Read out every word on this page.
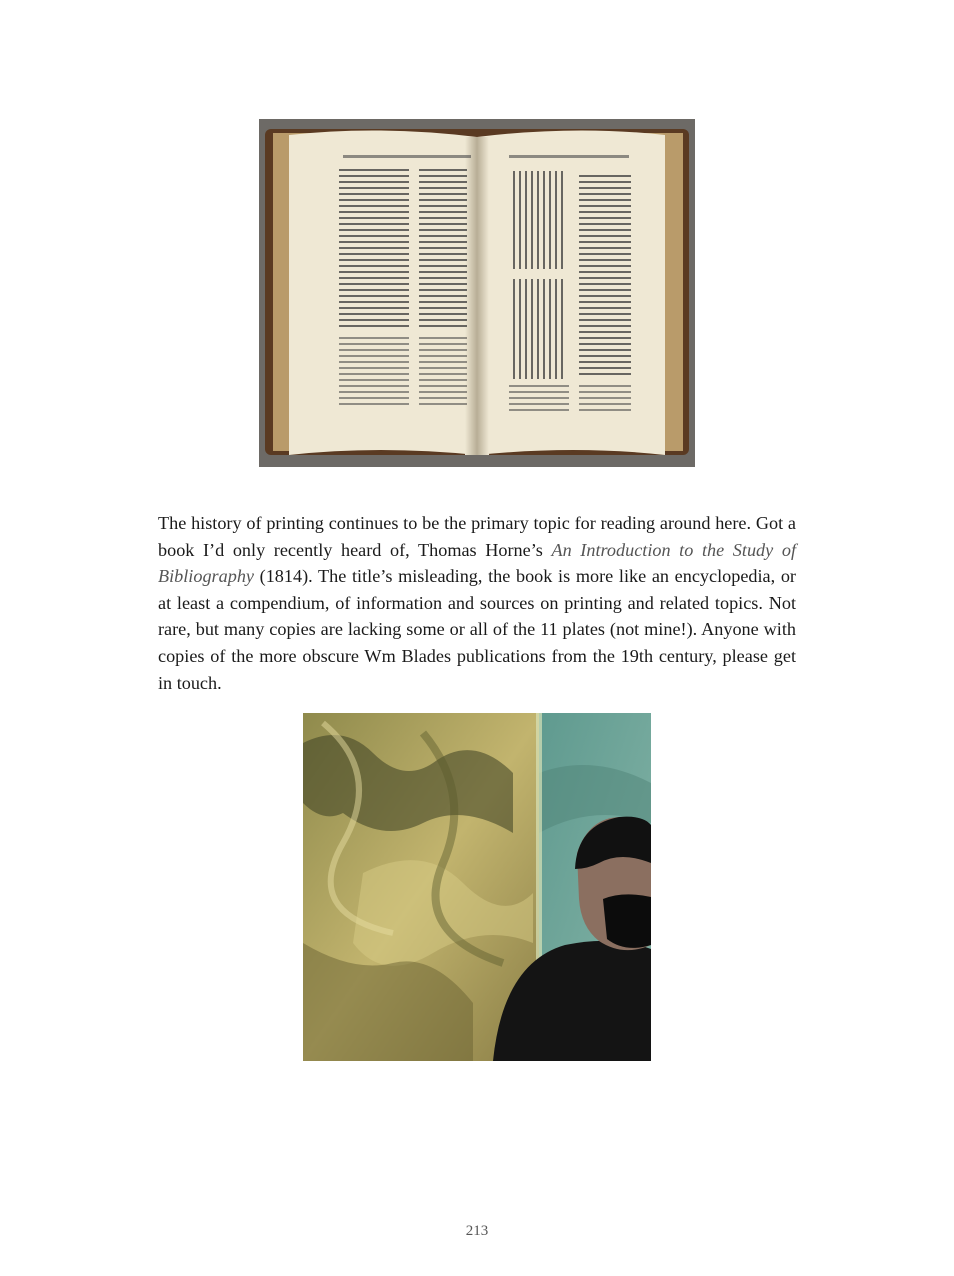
The history of printing continues to be the primary topic for reading around here. Got a book I’d only recently heard of, Thomas Horne’s An Introduction to the Study of Bibliography (1814). The title’s misleading, the book is more like an encyclopedia, or at least a compendium, of information and sources on printing and related topics. Not rare, but many copies are lacking some or all of the 11 plates (not mine!). Anyone with copies of the more obscure Wm Blades publications from the 19th century, please get in touch.

213
